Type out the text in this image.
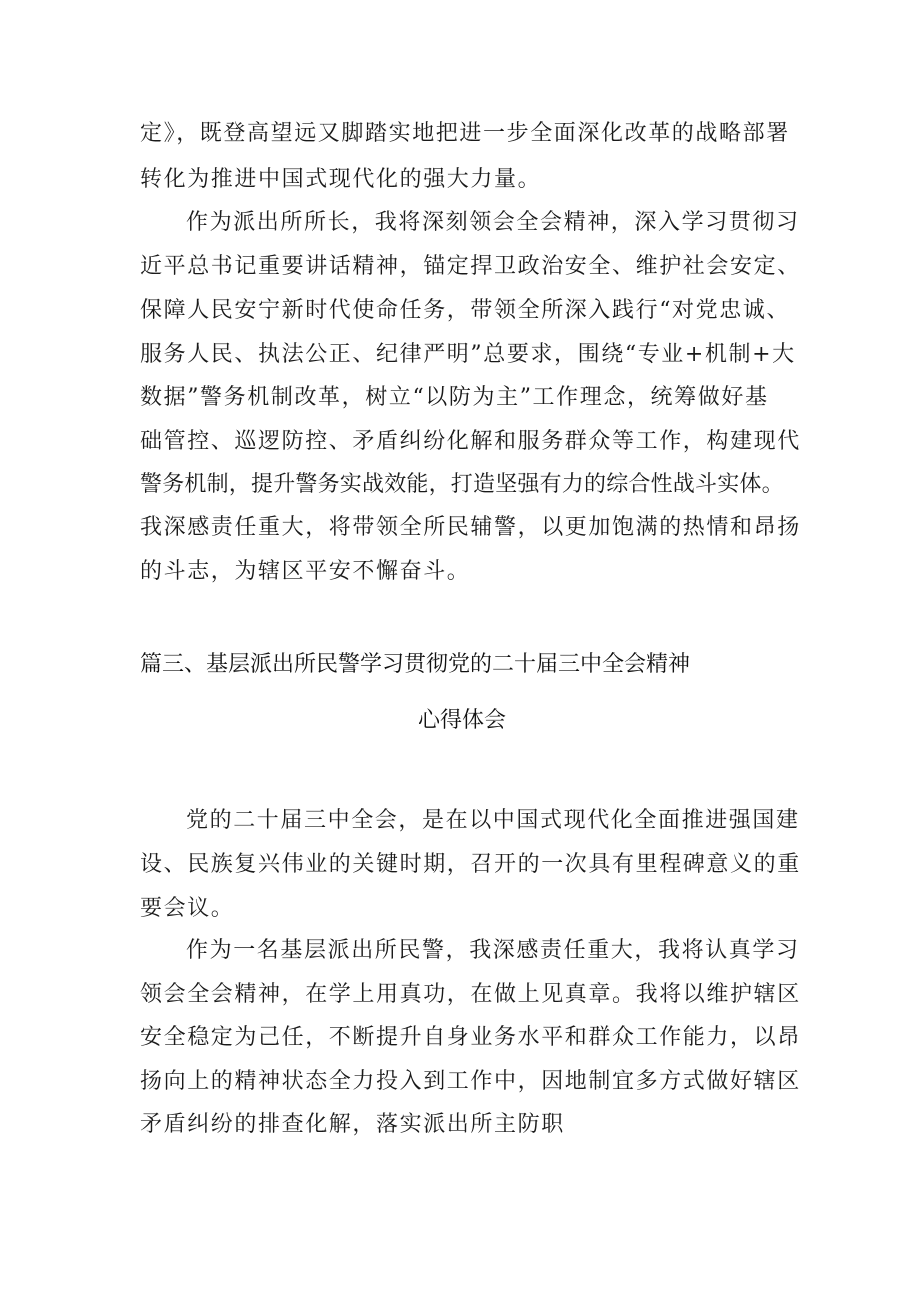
定》，既登高望远又脚踏实地把进一步全面深化改革的战略部署
转化为推进中国式现代化的强大力量。
作为派出所所长，我将深刻领会全会精神，深入学习贯彻习
近平总书记重要讲话精神，锚定捍卫政治安全、维护社会安定、
保障人民安宁新时代使命任务，带领全所深入践行“对党忠诚、
服务人民、执法公正、纪律严明”总要求，围绕“专业+机制+大
数据”警务机制改革，树立“以防为主”工作理念，统筹做好基
础管控、巡逻防控、矛盾纠纷化解和服务群众等工作，构建现代
警务机制，提升警务实战效能，打造坚强有力的综合性战斗实体。
我深感责任重大，将带领全所民辅警，以更加饱满的热情和昂扬
的斗志，为辖区平安不懈奋斗。
篇三、基层派出所民警学习贯彻党的二十届三中全会精神
心得体会
党的二十届三中全会，是在以中国式现代化全面推进强国建
设、民族复兴伟业的关键时期，召开的一次具有里程碑意义的重
要会议。
作为一名基层派出所民警，我深感责任重大，我将认真学习
领会全会精神，在学上用真功，在做上见真章。我将以维护辖区
安全稳定为己任，不断提升自身业务水平和群众工作能力，以昂
扬向上的精神状态全力投入到工作中，因地制宜多方式做好辖区
矛盾纠纷的排查化解，落实派出所主防职
